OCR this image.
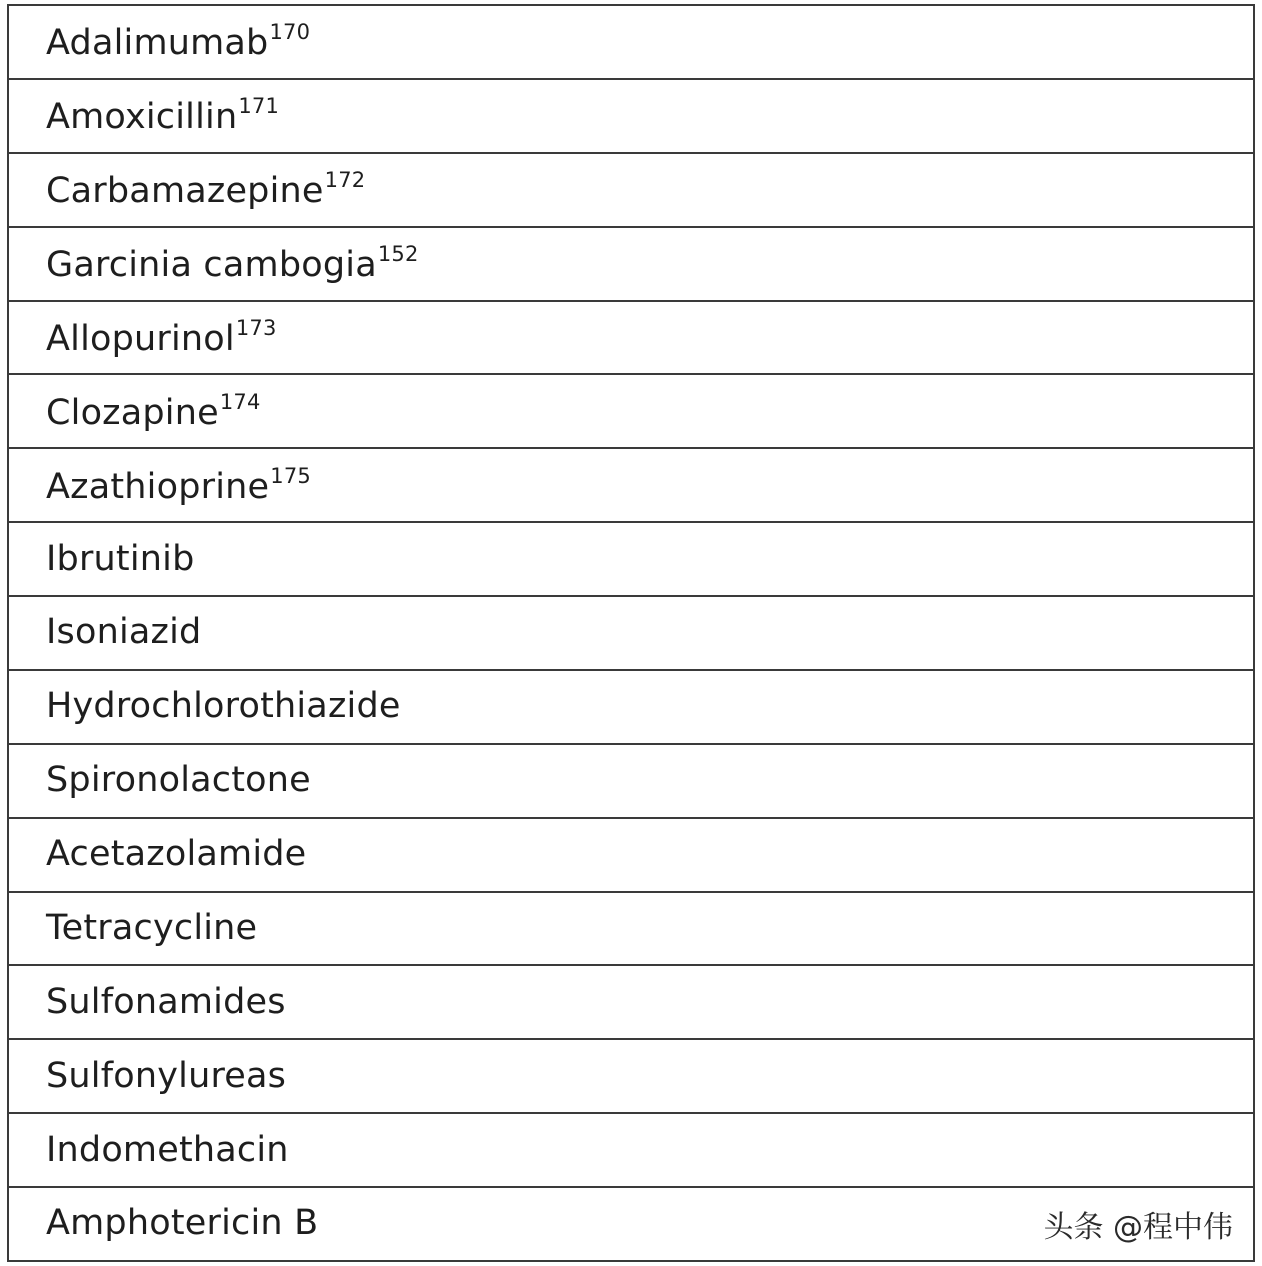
Adalimumab$^{170}$
Amoxicillin$^{171}$
Carbamazepine$^{172}$
Garcinia cambogia$^{152}$
Allopurinol$^{173}$
Clozapine$^{174}$
Azathioprine$^{175}$
Ibrutinib
Isoniazid
Hydrochlorothiazide
Spironolactone
Acetazolamide
Tetracycline
Sulfonamides
Sulfonylureas
Indomethacin
Amphotericin B	头条 @程中伟
